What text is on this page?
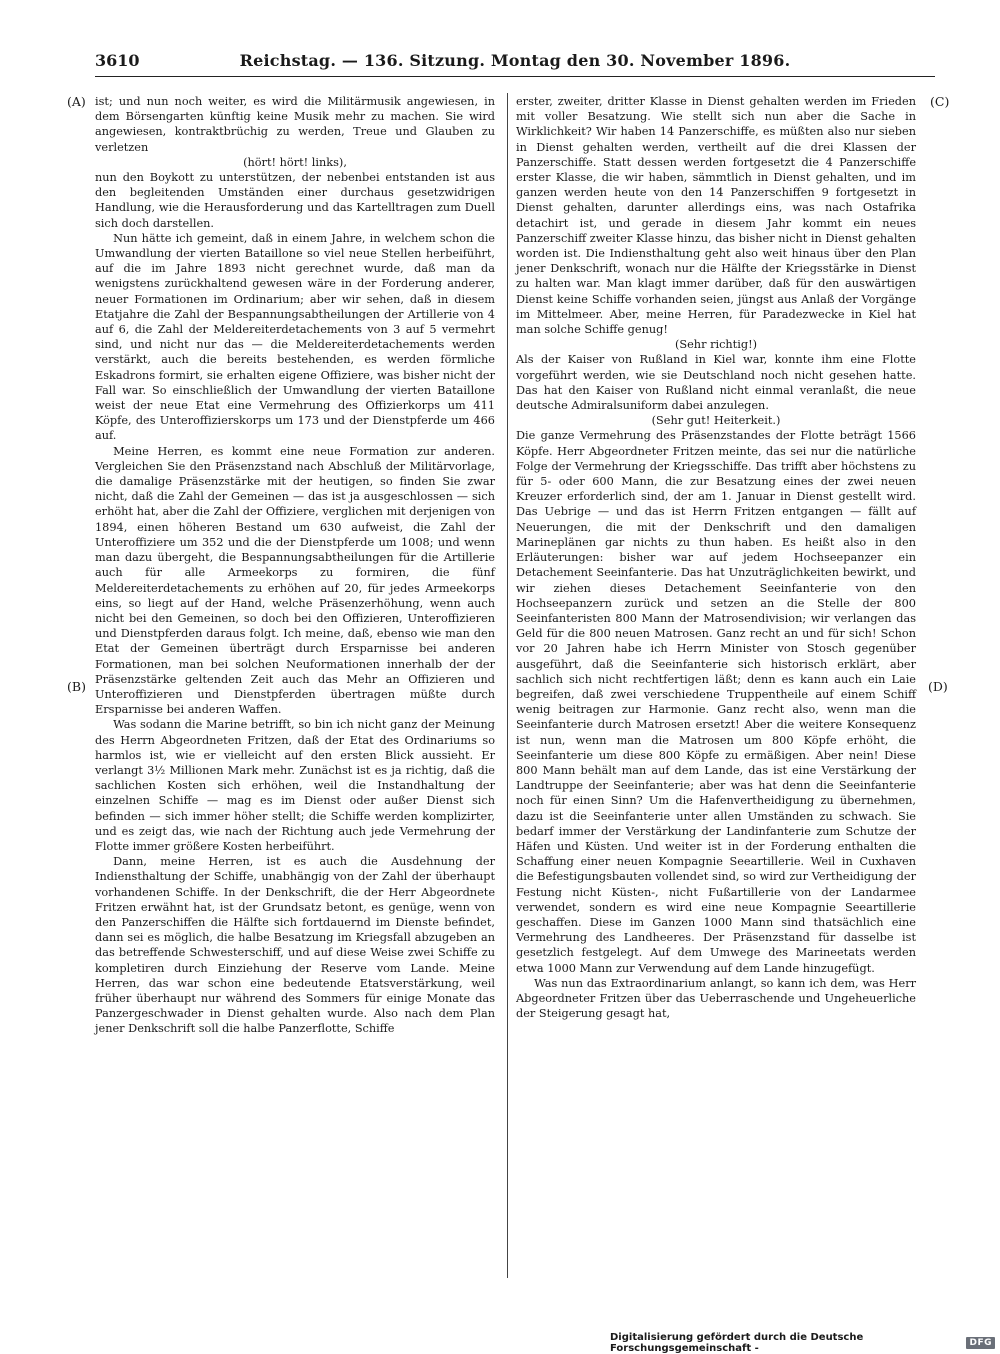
3610	Reichstag. — 136. Sitzung. Montag den 30. November 1896.
(A)
(B)
(C)
(D)

ist; und nun noch weiter, es wird die Militärmusik angewiesen, in dem Börsengarten künftig keine Musik mehr zu machen. Sie wird angewiesen, kontraktbrüchig zu werden, Treue und Glauben zu verletzen

(hört! hört! links),

nun den Boykott zu unterstützen, der nebenbei entstanden ist aus den begleitenden Umständen einer durchaus gesetzwidrigen Handlung, wie die Herausforderung und das Kartelltragen zum Duell sich doch darstellen.

Nun hätte ich gemeint, daß in einem Jahre, in welchem schon die Umwandlung der vierten Bataillone so viel neue Stellen herbeiführt, auf die im Jahre 1893 nicht gerechnet wurde, daß man da wenigstens zurückhaltend gewesen wäre in der Forderung anderer, neuer Formationen im Ordinarium; aber wir sehen, daß in diesem Etatjahre die Zahl der Bespannungsabtheilungen der Artillerie von 4 auf 6, die Zahl der Meldereiterdetachements von 3 auf 5 vermehrt sind, und nicht nur das — die Meldereiterdetachements werden verstärkt, auch die bereits bestehenden, es werden förmliche Eskadrons formirt, sie erhalten eigene Offiziere, was bisher nicht der Fall war. So einschließlich der Umwandlung der vierten Bataillone weist der neue Etat eine Vermehrung des Offizierkorps um 411 Köpfe, des Unteroffizierskorps um 173 und der Dienstpferde um 466 auf.

Meine Herren, es kommt eine neue Formation zur anderen. Vergleichen Sie den Präsenzstand nach Abschluß der Militärvorlage, die damalige Präsenzstärke mit der heutigen, so finden Sie zwar nicht, daß die Zahl der Gemeinen — das ist ja ausgeschlossen — sich erhöht hat, aber die Zahl der Offiziere, verglichen mit derjenigen von 1894, einen höheren Bestand um 630 aufweist, die Zahl der Unteroffiziere um 352 und die der Dienstpferde um 1008; und wenn man dazu übergeht, die Bespannungsabtheilungen für die Artillerie auch für alle Armeekorps zu formiren, die fünf Meldereiterdetachements zu erhöhen auf 20, für jedes Armeekorps eins, so liegt auf der Hand, welche Präsenzerhöhung, wenn auch nicht bei den Gemeinen, so doch bei den Offizieren, Unteroffizieren und Dienstpferden daraus folgt. Ich meine, daß, ebenso wie man den Etat der Gemeinen überträgt durch Ersparnisse bei anderen Formationen, man bei solchen Neuformationen innerhalb der der Präsenzstärke geltenden Zeit auch das Mehr an Offizieren und Unteroffizieren und Dienstpferden übertragen müßte durch Ersparnisse bei anderen Waffen.

Was sodann die Marine betrifft, so bin ich nicht ganz der Meinung des Herrn Abgeordneten Fritzen, daß der Etat des Ordinariums so harmlos ist, wie er vielleicht auf den ersten Blick aussieht. Er verlangt 3½ Millionen Mark mehr. Zunächst ist es ja richtig, daß die sachlichen Kosten sich erhöhen, weil die Instandhaltung der einzelnen Schiffe — mag es im Dienst oder außer Dienst sich befinden — sich immer höher stellt; die Schiffe werden komplizirter, und es zeigt das, wie nach der Richtung auch jede Vermehrung der Flotte immer größere Kosten herbeiführt.

Dann, meine Herren, ist es auch die Ausdehnung der Indiensthaltung der Schiffe, unabhängig von der Zahl der überhaupt vorhandenen Schiffe. In der Denkschrift, die der Herr Abgeordnete Fritzen erwähnt hat, ist der Grundsatz betont, es genüge, wenn von den Panzerschiffen die Hälfte sich fortdauernd im Dienste befindet, dann sei es möglich, die halbe Besatzung im Kriegsfall abzugeben an das betreffende Schwesterschiff, und auf diese Weise zwei Schiffe zu kompletiren durch Einziehung der Reserve vom Lande. Meine Herren, das war schon eine bedeutende Etatsverstärkung, weil früher überhaupt nur während des Sommers für einige Monate das Panzergeschwader in Dienst gehalten wurde. Also nach dem Plan jener Denkschrift soll die halbe Panzerflotte, Schiffe

erster, zweiter, dritter Klasse in Dienst gehalten werden im Frieden mit voller Besatzung. Wie stellt sich nun aber die Sache in Wirklichkeit? Wir haben 14 Panzerschiffe, es müßten also nur sieben in Dienst gehalten werden, vertheilt auf die drei Klassen der Panzerschiffe. Statt dessen werden fortgesetzt die 4 Panzerschiffe erster Klasse, die wir haben, sämmtlich in Dienst gehalten, und im ganzen werden heute von den 14 Panzerschiffen 9 fortgesetzt in Dienst gehalten, darunter allerdings eins, was nach Ostafrika detachirt ist, und gerade in diesem Jahr kommt ein neues Panzerschiff zweiter Klasse hinzu, das bisher nicht in Dienst gehalten worden ist. Die Indiensthaltung geht also weit hinaus über den Plan jener Denkschrift, wonach nur die Hälfte der Kriegsstärke in Dienst zu halten war. Man klagt immer darüber, daß für den auswärtigen Dienst keine Schiffe vorhanden seien, jüngst aus Anlaß der Vorgänge im Mittelmeer. Aber, meine Herren, für Paradezwecke in Kiel hat man solche Schiffe genug!

(Sehr richtig!)

Als der Kaiser von Rußland in Kiel war, konnte ihm eine Flotte vorgeführt werden, wie sie Deutschland noch nicht gesehen hatte. Das hat den Kaiser von Rußland nicht einmal veranlaßt, die neue deutsche Admiralsuniform dabei anzulegen.

(Sehr gut! Heiterkeit.)

Die ganze Vermehrung des Präsenzstandes der Flotte beträgt 1566 Köpfe. Herr Abgeordneter Fritzen meinte, das sei nur die natürliche Folge der Vermehrung der Kriegsschiffe. Das trifft aber höchstens zu für 5- oder 600 Mann, die zur Besatzung eines der zwei neuen Kreuzer erforderlich sind, der am 1. Januar in Dienst gestellt wird. Das Uebrige — und das ist Herrn Fritzen entgangen — fällt auf Neuerungen, die mit der Denkschrift und den damaligen Marineplänen gar nichts zu thun haben. Es heißt also in den Erläuterungen: bisher war auf jedem Hochseepanzer ein Detachement Seeinfanterie. Das hat Unzuträglichkeiten bewirkt, und wir ziehen dieses Detachement Seeinfanterie von den Hochseepanzern zurück und setzen an die Stelle der 800 Seeinfanteristen 800 Mann der Matrosendivision; wir verlangen das Geld für die 800 neuen Matrosen. Ganz recht an und für sich! Schon vor 20 Jahren habe ich Herrn Minister von Stosch gegenüber ausgeführt, daß die Seeinfanterie sich historisch erklärt, aber sachlich sich nicht rechtfertigen läßt; denn es kann auch ein Laie begreifen, daß zwei verschiedene Truppentheile auf einem Schiff wenig beitragen zur Harmonie. Ganz recht also, wenn man die Seeinfanterie durch Matrosen ersetzt! Aber die weitere Konsequenz ist nun, wenn man die Matrosen um 800 Köpfe erhöht, die Seeinfanterie um diese 800 Köpfe zu ermäßigen. Aber nein! Diese 800 Mann behält man auf dem Lande, das ist eine Verstärkung der Landtruppe der Seeinfanterie; aber was hat denn die Seeinfanterie noch für einen Sinn? Um die Hafenvertheidigung zu übernehmen, dazu ist die Seeinfanterie unter allen Umständen zu schwach. Sie bedarf immer der Verstärkung der Landinfanterie zum Schutze der Häfen und Küsten. Und weiter ist in der Forderung enthalten die Schaffung einer neuen Kompagnie Seeartillerie. Weil in Cuxhaven die Befestigungsbauten vollendet sind, so wird zur Vertheidigung der Festung nicht Küsten-, nicht Fußartillerie von der Landarmee verwendet, sondern es wird eine neue Kompagnie Seeartillerie geschaffen. Diese im Ganzen 1000 Mann sind thatsächlich eine Vermehrung des Landheeres. Der Präsenzstand für dasselbe ist gesetzlich festgelegt. Auf dem Umwege des Marineetats werden etwa 1000 Mann zur Verwendung auf dem Lande hinzugefügt.

Was nun das Extraordinarium anlangt, so kann ich dem, was Herr Abgeordneter Fritzen über das Ueberraschende und Ungeheuerliche der Steigerung gesagt hat,

Digitalisierung gefördert durch die Deutsche Forschungsgemeinschaft -	DFG
